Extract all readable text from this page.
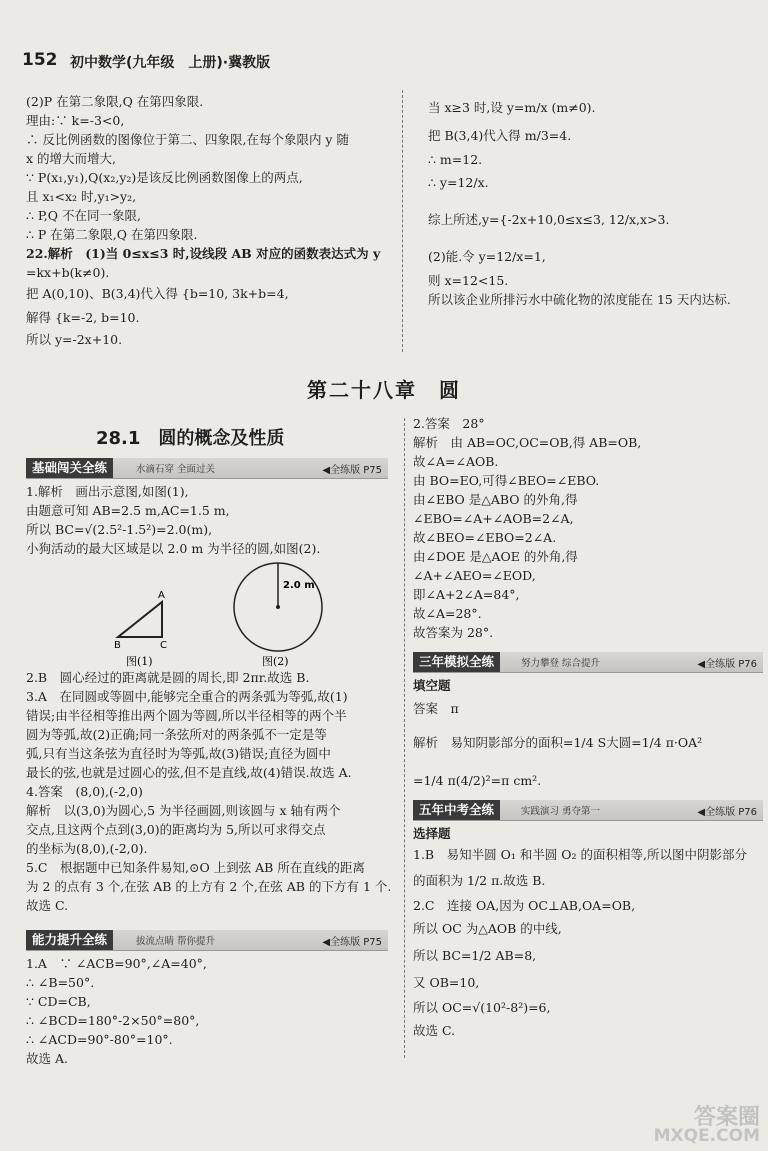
152 初中数学(九年级　上册)·冀教版
(2)P 在第二象限,Q 在第四象限.
理由:∵ k=-3<0,
∴ 反比例函数的图像位于第二、四象限,在每个象限内 y 随
x 的增大而增大,
∵ P(x₁,y₁),Q(x₂,y₂)是该反比例函数图像上的两点,
且 x₁<x₂ 时,y₁>y₂,
∴ P,Q 不在同一象限,
∴ P 在第二象限,Q 在第四象限.
22.解析　(1)当 0≤x≤3 时,设线段 AB 对应的函数表达式为 y
=kx+b(k≠0).
把 A(0,10)、B(3,4)代入得 {b=10, 3k+b=4,
解得 {k=-2, b=10.
所以 y=-2x+10.
当 x≥3 时,设 y=m/x (m≠0).
把 B(3,4)代入得 m/3=4.
∴ m=12.
∴ y=12/x.
综上所述,y={-2x+10,0≤x≤3, 12/x,x>3.
(2)能.令 y=12/x=1,
则 x=12<15.
所以该企业所排污水中硫化物的浓度能在 15 天内达标.
第二十八章　圆
28.1　圆的概念及性质
基础闯关全练	水滴石穿 全面过关	◀全练版 P75
1.解析　画出示意图,如图(1),
由题意可知 AB=2.5 m,AC=1.5 m,
所以 BC=√(2.5²-1.5²)=2.0(m),
小狗活动的最大区域是以 2.0 m 为半径的圆,如图(2).
A
B	C
图(1)
2.0 m
图(2)
2.B　圆心经过的距离就是圆的周长,即 2πr.故选 B.
3.A　在同圆或等圆中,能够完全重合的两条弧为等弧,故(1)
错误;由半径相等推出两个圆为等圆,所以半径相等的两个半
圆为等弧,故(2)正确;同一条弦所对的两条弧不一定是等
弧,只有当这条弦为直径时为等弧,故(3)错误;直径为圆中
最长的弦,也就是过圆心的弦,但不是直线,故(4)错误.故选 A.
4.答案　(8,0),(-2,0)
解析　以(3,0)为圆心,5 为半径画圆,则该圆与 x 轴有两个
交点,且这两个点到(3,0)的距离均为 5,所以可求得交点
的坐标为(8,0),(-2,0).
5.C　根据题中已知条件易知,⊙O 上到弦 AB 所在直线的距离
为 2 的点有 3 个,在弦 AB 的上方有 2 个,在弦 AB 的下方有 1 个.
故选 C.
能力提升全练	拔流点睛 帮你提升	◀全练版 P75
1.A　∵ ∠ACB=90°,∠A=40°,
∴ ∠B=50°.
∵ CD=CB,
∴ ∠BCD=180°-2×50°=80°,
∴ ∠ACD=90°-80°=10°.
故选 A.
2.答案　28°
解析　由 AB=OC,OC=OB,得 AB=OB,
故∠A=∠AOB.
由 BO=EO,可得∠BEO=∠EBO.
由∠EBO 是△ABO 的外角,得
∠EBO=∠A+∠AOB=2∠A,
故∠BEO=∠EBO=2∠A.
由∠DOE 是△AOE 的外角,得
∠A+∠AEO=∠EOD,
即∠A+2∠A=84°,
故∠A=28°.
故答案为 28°.
三年模拟全练	努力攀登 综合提升	◀全练版 P76
填空题
答案　π
解析　易知阴影部分的面积=1/4 S大圆=1/4 π·OA²
=1/4 π(4/2)²=π cm².
五年中考全练	实践演习 勇夺第一	◀全练版 P76
选择题
1.B　易知半圆 O₁ 和半圆 O₂ 的面积相等,所以图中阴影部分
的面积为 1/2 π.故选 B.
2.C　连接 OA,因为 OC⊥AB,OA=OB,
所以 OC 为△AOB 的中线,
所以 BC=1/2 AB=8,
又 OB=10,
所以 OC=√(10²-8²)=6,
故选 C.
答案圈
MXQE.COM
